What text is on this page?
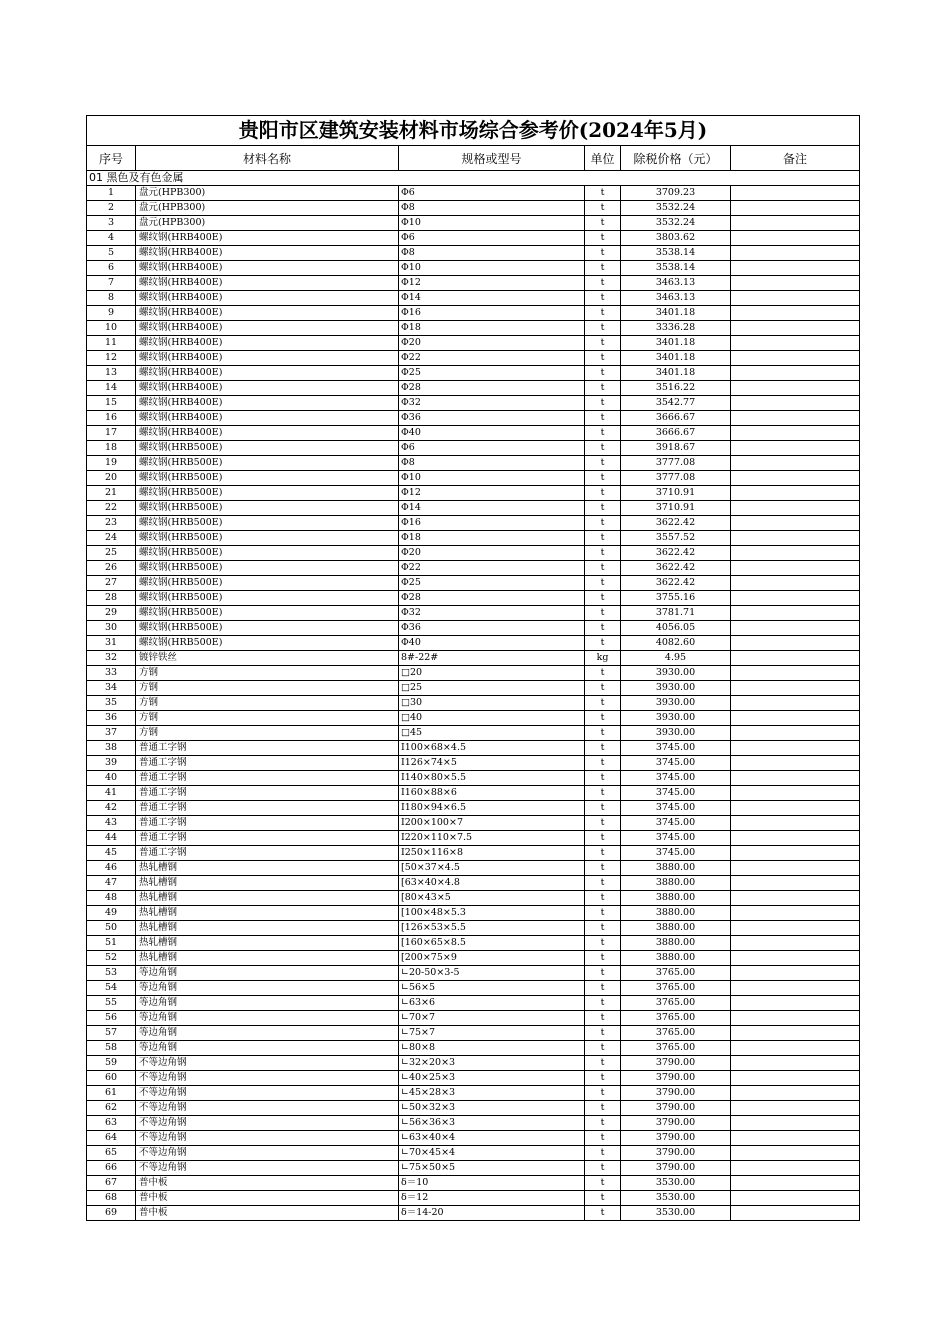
贵阳市区建筑安装材料市场综合参考价(2024年5月)					
序号	材料名称	规格或型号	单位	除税价格（元）	备注
01 黑色及有色金属					
1	盘元(HPB300)	Φ6	t	3709.23	
2	盘元(HPB300)	Φ8	t	3532.24	
3	盘元(HPB300)	Φ10	t	3532.24	
4	螺纹钢(HRB400E)	Φ6	t	3803.62	
5	螺纹钢(HRB400E)	Φ8	t	3538.14	
6	螺纹钢(HRB400E)	Φ10	t	3538.14	
7	螺纹钢(HRB400E)	Φ12	t	3463.13	
8	螺纹钢(HRB400E)	Φ14	t	3463.13	
9	螺纹钢(HRB400E)	Φ16	t	3401.18	
10	螺纹钢(HRB400E)	Φ18	t	3336.28	
11	螺纹钢(HRB400E)	Φ20	t	3401.18	
12	螺纹钢(HRB400E)	Φ22	t	3401.18	
13	螺纹钢(HRB400E)	Φ25	t	3401.18	
14	螺纹钢(HRB400E)	Φ28	t	3516.22	
15	螺纹钢(HRB400E)	Φ32	t	3542.77	
16	螺纹钢(HRB400E)	Φ36	t	3666.67	
17	螺纹钢(HRB400E)	Φ40	t	3666.67	
18	螺纹钢(HRB500E)	Φ6	t	3918.67	
19	螺纹钢(HRB500E)	Φ8	t	3777.08	
20	螺纹钢(HRB500E)	Φ10	t	3777.08	
21	螺纹钢(HRB500E)	Φ12	t	3710.91	
22	螺纹钢(HRB500E)	Φ14	t	3710.91	
23	螺纹钢(HRB500E)	Φ16	t	3622.42	
24	螺纹钢(HRB500E)	Φ18	t	3557.52	
25	螺纹钢(HRB500E)	Φ20	t	3622.42	
26	螺纹钢(HRB500E)	Φ22	t	3622.42	
27	螺纹钢(HRB500E)	Φ25	t	3622.42	
28	螺纹钢(HRB500E)	Φ28	t	3755.16	
29	螺纹钢(HRB500E)	Φ32	t	3781.71	
30	螺纹钢(HRB500E)	Φ36	t	4056.05	
31	螺纹钢(HRB500E)	Φ40	t	4082.60	
32	镀锌铁丝	8#-22#	kg	4.95	
33	方钢	□20	t	3930.00	
34	方钢	□25	t	3930.00	
35	方钢	□30	t	3930.00	
36	方钢	□40	t	3930.00	
37	方钢	□45	t	3930.00	
38	普通工字钢	I100×68×4.5	t	3745.00	
39	普通工字钢	I126×74×5	t	3745.00	
40	普通工字钢	I140×80×5.5	t	3745.00	
41	普通工字钢	I160×88×6	t	3745.00	
42	普通工字钢	I180×94×6.5	t	3745.00	
43	普通工字钢	I200×100×7	t	3745.00	
44	普通工字钢	I220×110×7.5	t	3745.00	
45	普通工字钢	I250×116×8	t	3745.00	
46	热轧槽钢	[50×37×4.5	t	3880.00	
47	热轧槽钢	[63×40×4.8	t	3880.00	
48	热轧槽钢	[80×43×5	t	3880.00	
49	热轧槽钢	[100×48×5.3	t	3880.00	
50	热轧槽钢	[126×53×5.5	t	3880.00	
51	热轧槽钢	[160×65×8.5	t	3880.00	
52	热轧槽钢	[200×75×9	t	3880.00	
53	等边角钢	∟20-50×3-5	t	3765.00	
54	等边角钢	∟56×5	t	3765.00	
55	等边角钢	∟63×6	t	3765.00	
56	等边角钢	∟70×7	t	3765.00	
57	等边角钢	∟75×7	t	3765.00	
58	等边角钢	∟80×8	t	3765.00	
59	不等边角钢	∟32×20×3	t	3790.00	
60	不等边角钢	∟40×25×3	t	3790.00	
61	不等边角钢	∟45×28×3	t	3790.00	
62	不等边角钢	∟50×32×3	t	3790.00	
63	不等边角钢	∟56×36×3	t	3790.00	
64	不等边角钢	∟63×40×4	t	3790.00	
65	不等边角钢	∟70×45×4	t	3790.00	
66	不等边角钢	∟75×50×5	t	3790.00	
67	普中板	δ＝10	t	3530.00	
68	普中板	δ＝12	t	3530.00	
69	普中板	δ＝14-20	t	3530.00	
